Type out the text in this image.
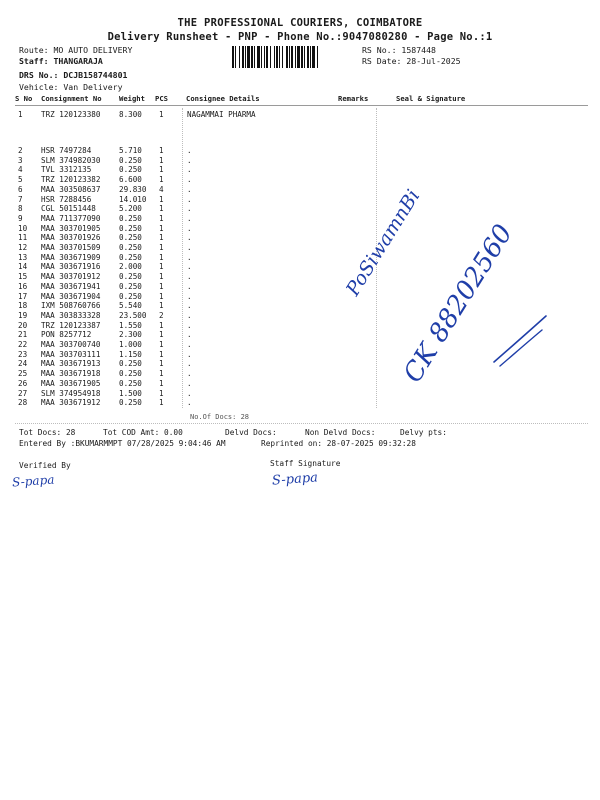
THE PROFESSIONAL COURIERS, COIMBATORE
Delivery Runsheet - PNP - Phone No.:9047080280 - Page No.:1
Route: MO AUTO DELIVERY
Staff: THANGARAJA
DRS No.: DCJB158744801
Vehicle: Van Delivery
RS No.: 1587448
RS Date: 28-Jul-2025
S No Consignment No Weight PCS	Consignee Details	Remarks	Seal & Signature
1 TRZ 120123380 8.300 1	NAGAMMAI PHARMA
2 HSR 7497284	5.710 1	.
3 SLM 374982030 0.250 1	.
4 TVL 3312135	0.250 1	.
5 TRZ 120123382 6.600 1	.
6 MAA 303508637 29.830 4	.
7 HSR 7288456	14.010 1	.
8 CGL 50151448	5.200 1	.
9 MAA 711377090 0.250 1	.
10 MAA 303701905 0.250 1	.
11 MAA 303701926 0.250 1	.
12 MAA 303701509 0.250 1	.
13 MAA 303671909 0.250 1	.
14 MAA 303671916 2.000 1	.
15 MAA 303701912 0.250 1	.
16 MAA 303671941 0.250 1	.
17 MAA 303671904 0.250 1	.
18 IXM 508760766 5.540 1	.
19 MAA 303833328 23.500 2	.
20 TRZ 120123387 1.550 1	.
21 PON 8257712	2.300 1	.
22 MAA 303700740 1.000 1	.
23 MAA 303703111 1.150 1	.
24 MAA 303671913 0.250 1	.
25 MAA 303671918 0.250 1	.
26 MAA 303671905 0.250 1	.
27 SLM 374954918 1.500 1	.
28 MAA 303671912 0.250 1	.
No.Of Docs: 28
Tot Docs: 28	Tot COD Amt: 0.00	Delvd Docs:	Non Delvd Docs:	Delvy pts:
Entered By :BKUMARMMPT 07/28/2025 9:04:46 AM	Reprinted on: 28-07-2025 09:32:28
Verified By	Staff Signature
S-papa	S-papa
PoSiwamnBi
CK 88202560
